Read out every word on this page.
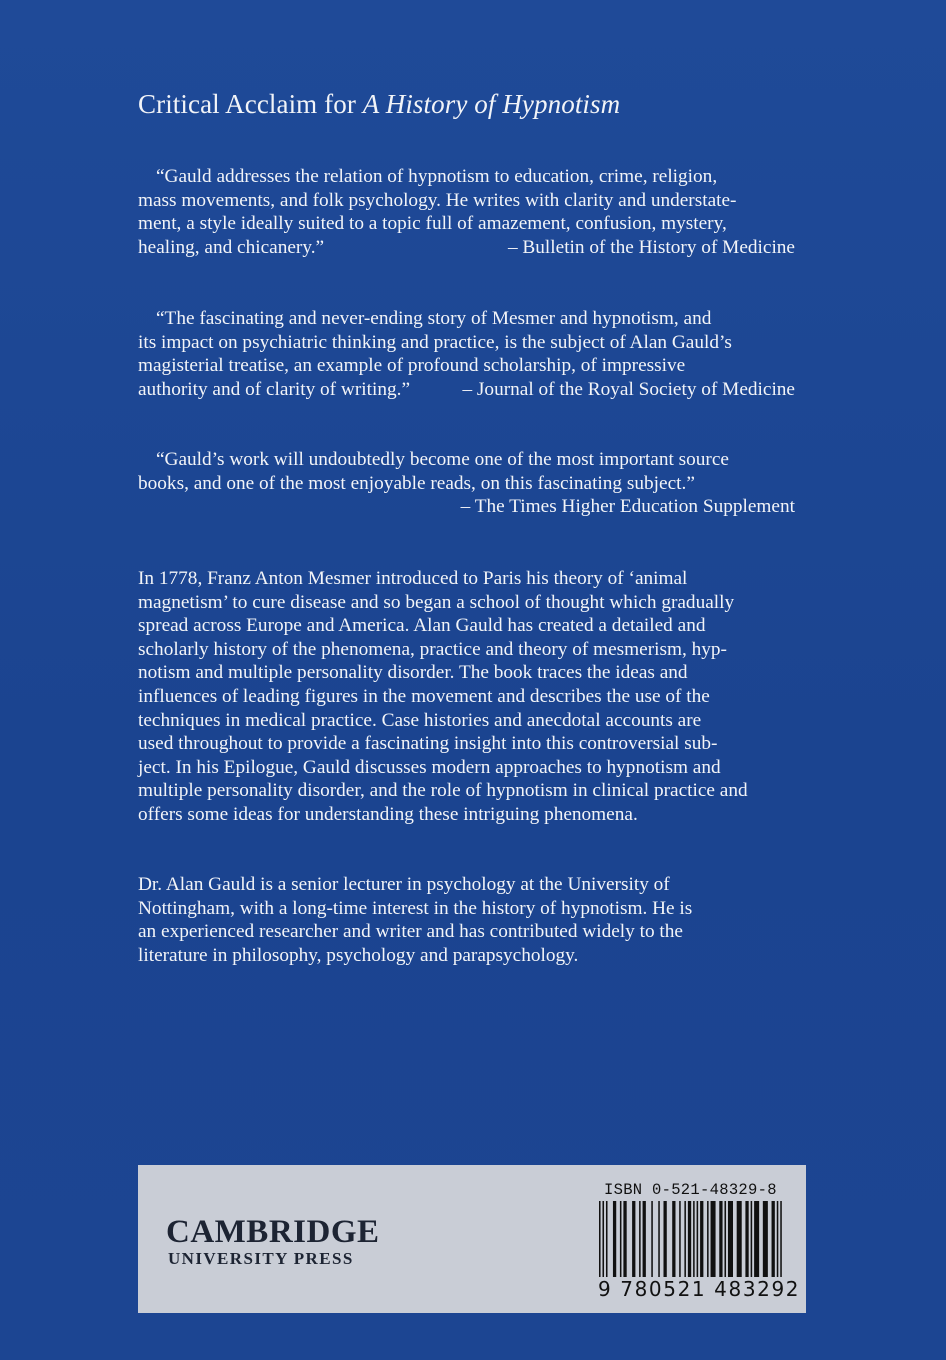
Critical Acclaim for A History of Hypnotism
“Gauld addresses the relation of hypnotism to education, crime, religion,
mass movements, and folk psychology. He writes with clarity and understate-
ment, a style ideally suited to a topic full of amazement, confusion, mystery,
healing, and chicanery.”	– Bulletin of the History of Medicine
“The fascinating and never-ending story of Mesmer and hypnotism, and
its impact on psychiatric thinking and practice, is the subject of Alan Gauld’s
magisterial treatise, an example of profound scholarship, of impressive
authority and of clarity of writing.”	– Journal of the Royal Society of Medicine
“Gauld’s work will undoubtedly become one of the most important source
books, and one of the most enjoyable reads, on this fascinating subject.”
– The Times Higher Education Supplement
In 1778, Franz Anton Mesmer introduced to Paris his theory of ‘animal
magnetism’ to cure disease and so began a school of thought which gradually
spread across Europe and America. Alan Gauld has created a detailed and
scholarly history of the phenomena, practice and theory of mesmerism, hyp-
notism and multiple personality disorder. The book traces the ideas and
influences of leading figures in the movement and describes the use of the
techniques in medical practice. Case histories and anecdotal accounts are
used throughout to provide a fascinating insight into this controversial sub-
ject. In his Epilogue, Gauld discusses modern approaches to hypnotism and
multiple personality disorder, and the role of hypnotism in clinical practice and
offers some ideas for understanding these intriguing phenomena.
Dr. Alan Gauld is a senior lecturer in psychology at the University of
Nottingham, with a long-time interest in the history of hypnotism. He is
an experienced researcher and writer and has contributed widely to the
literature in philosophy, psychology and parapsychology.
CAMBRIDGE
UNIVERSITY PRESS
ISBN 0-521-48329-8
9 780521 483292
